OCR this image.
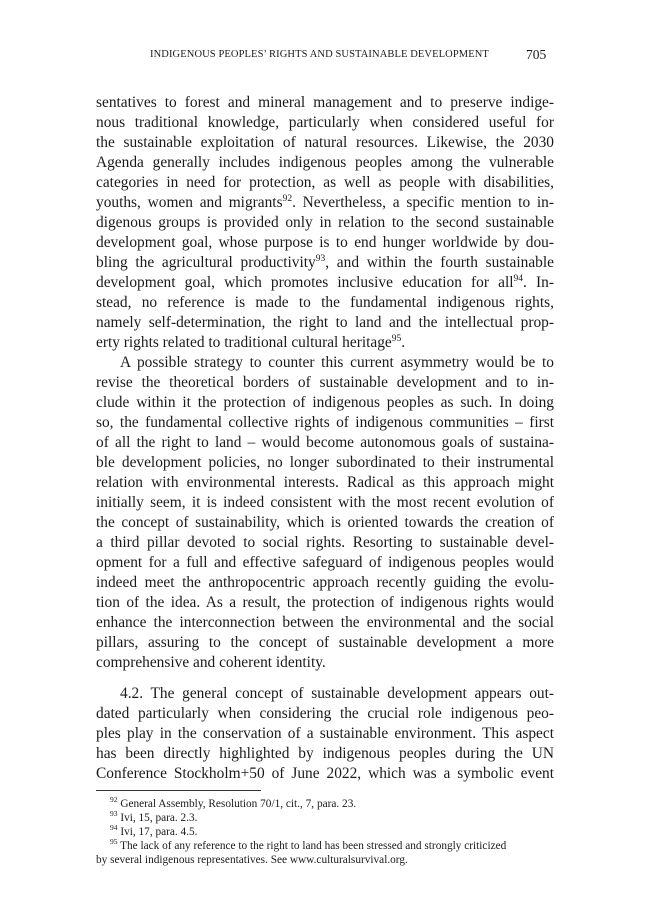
INDIGENOUS PEOPLES’ RIGHTS AND SUSTAINABLE DEVELOPMENT	705
sentatives to forest and mineral management and to preserve indige-
nous traditional knowledge, particularly when considered useful for
the sustainable exploitation of natural resources. Likewise, the 2030
Agenda generally includes indigenous peoples among the vulnerable
categories in need for protection, as well as people with disabilities,
youths, women and migrants$^{92}$. Nevertheless, a specific mention to in-
digenous groups is provided only in relation to the second sustainable
development goal, whose purpose is to end hunger worldwide by dou-
bling the agricultural productivity$^{93}$, and within the fourth sustainable
development goal, which promotes inclusive education for all$^{94}$. In-
stead, no reference is made to the fundamental indigenous rights,
namely self-determination, the right to land and the intellectual prop-
erty rights related to traditional cultural heritage$^{95}$.
A possible strategy to counter this current asymmetry would be to
revise the theoretical borders of sustainable development and to in-
clude within it the protection of indigenous peoples as such. In doing
so, the fundamental collective rights of indigenous communities – first
of all the right to land – would become autonomous goals of sustaina-
ble development policies, no longer subordinated to their instrumental
relation with environmental interests. Radical as this approach might
initially seem, it is indeed consistent with the most recent evolution of
the concept of sustainability, which is oriented towards the creation of
a third pillar devoted to social rights. Resorting to sustainable devel-
opment for a full and effective safeguard of indigenous peoples would
indeed meet the anthropocentric approach recently guiding the evolu-
tion of the idea. As a result, the protection of indigenous rights would
enhance the interconnection between the environmental and the social
pillars, assuring to the concept of sustainable development a more
comprehensive and coherent identity.
4.2. The general concept of sustainable development appears out-
dated particularly when considering the crucial role indigenous peo-
ples play in the conservation of a sustainable environment. This aspect
has been directly highlighted by indigenous peoples during the UN
Conference Stockholm+50 of June 2022, which was a symbolic event
$^{92}$ General Assembly, Resolution 70/1, cit., 7, para. 23.
$^{93}$ Ivi, 15, para. 2.3.
$^{94}$ Ivi, 17, para. 4.5.
$^{95}$ The lack of any reference to the right to land has been stressed and strongly criticized
by several indigenous representatives. See www.culturalsurvival.org.
